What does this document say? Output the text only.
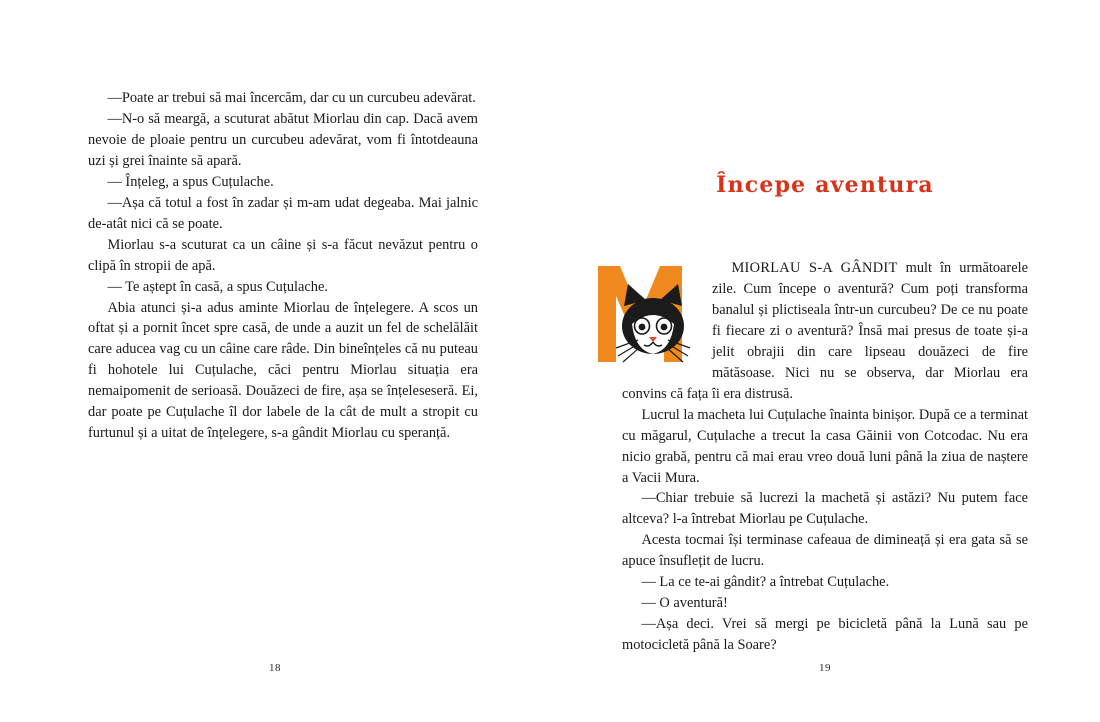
—Poate ar trebui să mai încercăm, dar cu un curcubeu adevărat.

—N-o să meargă, a scuturat abătut Miorlau din cap. Dacă avem nevoie de ploaie pentru un curcubeu adevărat, vom fi întotdeauna uzi și grei înainte să apară.

— Înțeleg, a spus Cuțulache.

—Așa că totul a fost în zadar și m-am udat degeaba. Mai jalnic de-atât nici că se poate.

Miorlau s-a scuturat ca un câine și s-a făcut nevăzut pentru o clipă în stropii de apă.

— Te aștept în casă, a spus Cuțulache.

Abia atunci și-a adus aminte Miorlau de înțelegere. A scos un oftat și a pornit încet spre casă, de unde a auzit un fel de schelălăit care aducea vag cu un câine care râde. Din bineînțeles că nu puteau fi hohotele lui Cuțulache, căci pentru Miorlau situația era nemaipomenit de serioasă. Douăzeci de fire, așa se înțeleseseră. Ei, dar poate pe Cuțulache îl dor labele de la cât de mult a stropit cu furtunul și a uitat de înțelegere, s-a gândit Miorlau cu speranță.

18
Începe aventura

MIORLAU S-A GÂNDIT mult în următoarele zile. Cum începe o aventură? Cum poți transforma banalul și plictiseala într-un curcubeu? De ce nu poate fi fiecare zi o aventură? Însă mai presus de toate și-a jelit obrajii din care lipseau douăzeci de fire mătăsoase. Nici nu se observa, dar Miorlau era convins că fața îi era distrusă.

Lucrul la macheta lui Cuțulache înainta binișor. După ce a terminat cu măgarul, Cuțulache a trecut la casa Găinii von Cotcodac. Nu era nicio grabă, pentru că mai erau vreo două luni până la ziua de naștere a Vacii Mura.

—Chiar trebuie să lucrezi la machetă și astăzi? Nu putem face altceva? l-a întrebat Miorlau pe Cuțulache.

Acesta tocmai își terminase cafeaua de dimineață și era gata să se apuce însuflețit de lucru.

— La ce te-ai gândit? a întrebat Cuțulache.

— O aventură!

—Așa deci. Vrei să mergi pe bicicletă până la Lună sau pe motocicletă până la Soare?

19
